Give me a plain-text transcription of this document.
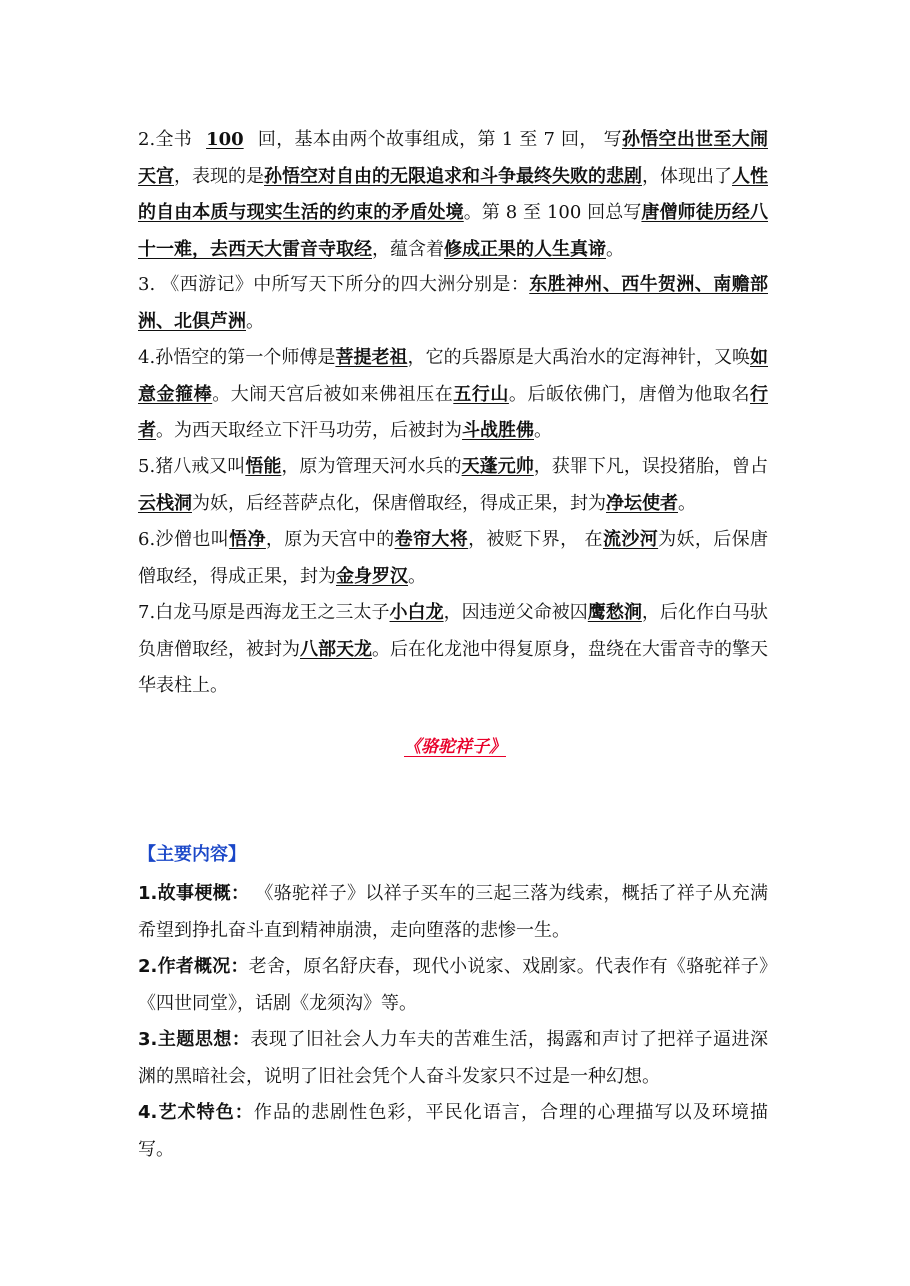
2.全书 100 回，基本由两个故事组成，第 1 至 7 回， 写孙悟空出世至大闹天宫，表现的是孙悟空对自由的无限追求和斗争最终失败的悲剧，体现出了人性的自由本质与现实生活的约束的矛盾处境。第 8 至 100 回总写唐僧师徒历经八十一难，去西天大雷音寺取经，蕴含着修成正果的人生真谛。

3. 《西游记》中所写天下所分的四大洲分别是：东胜神州、西牛贺洲、南赡部洲、北俱芦洲。

4.孙悟空的第一个师傅是菩提老祖，它的兵器原是大禹治水的定海神针，又唤如意金箍棒。大闹天宫后被如来佛祖压在五行山。后皈依佛门，唐僧为他取名行者。为西天取经立下汗马功劳，后被封为斗战胜佛。

5.猪八戒又叫悟能，原为管理天河水兵的天蓬元帅，获罪下凡，误投猪胎，曾占云栈洞为妖，后经菩萨点化，保唐僧取经，得成正果，封为净坛使者。

6.沙僧也叫悟净，原为天宫中的卷帘大将，被贬下界， 在流沙河为妖，后保唐僧取经，得成正果，封为金身罗汉。

7.白龙马原是西海龙王之三太子小白龙，因违逆父命被囚鹰愁涧，后化作白马驮负唐僧取经，被封为八部天龙。后在化龙池中得复原身，盘绕在大雷音寺的擎天华表柱上。

《骆驼祥子》
【主要内容】

1.故事梗概： 《骆驼祥子》以祥子买车的三起三落为线索，概括了祥子从充满希望到挣扎奋斗直到精神崩溃，走向堕落的悲惨一生。

2.作者概况：老舍，原名舒庆春，现代小说家、戏剧家。代表作有《骆驼祥子》《四世同堂》，话剧《龙须沟》等。

3.主题思想：表现了旧社会人力车夫的苦难生活，揭露和声讨了把祥子逼进深渊的黑暗社会，说明了旧社会凭个人奋斗发家只不过是一种幻想。

4.艺术特色：作品的悲剧性色彩，平民化语言，合理的心理描写以及环境描写。
